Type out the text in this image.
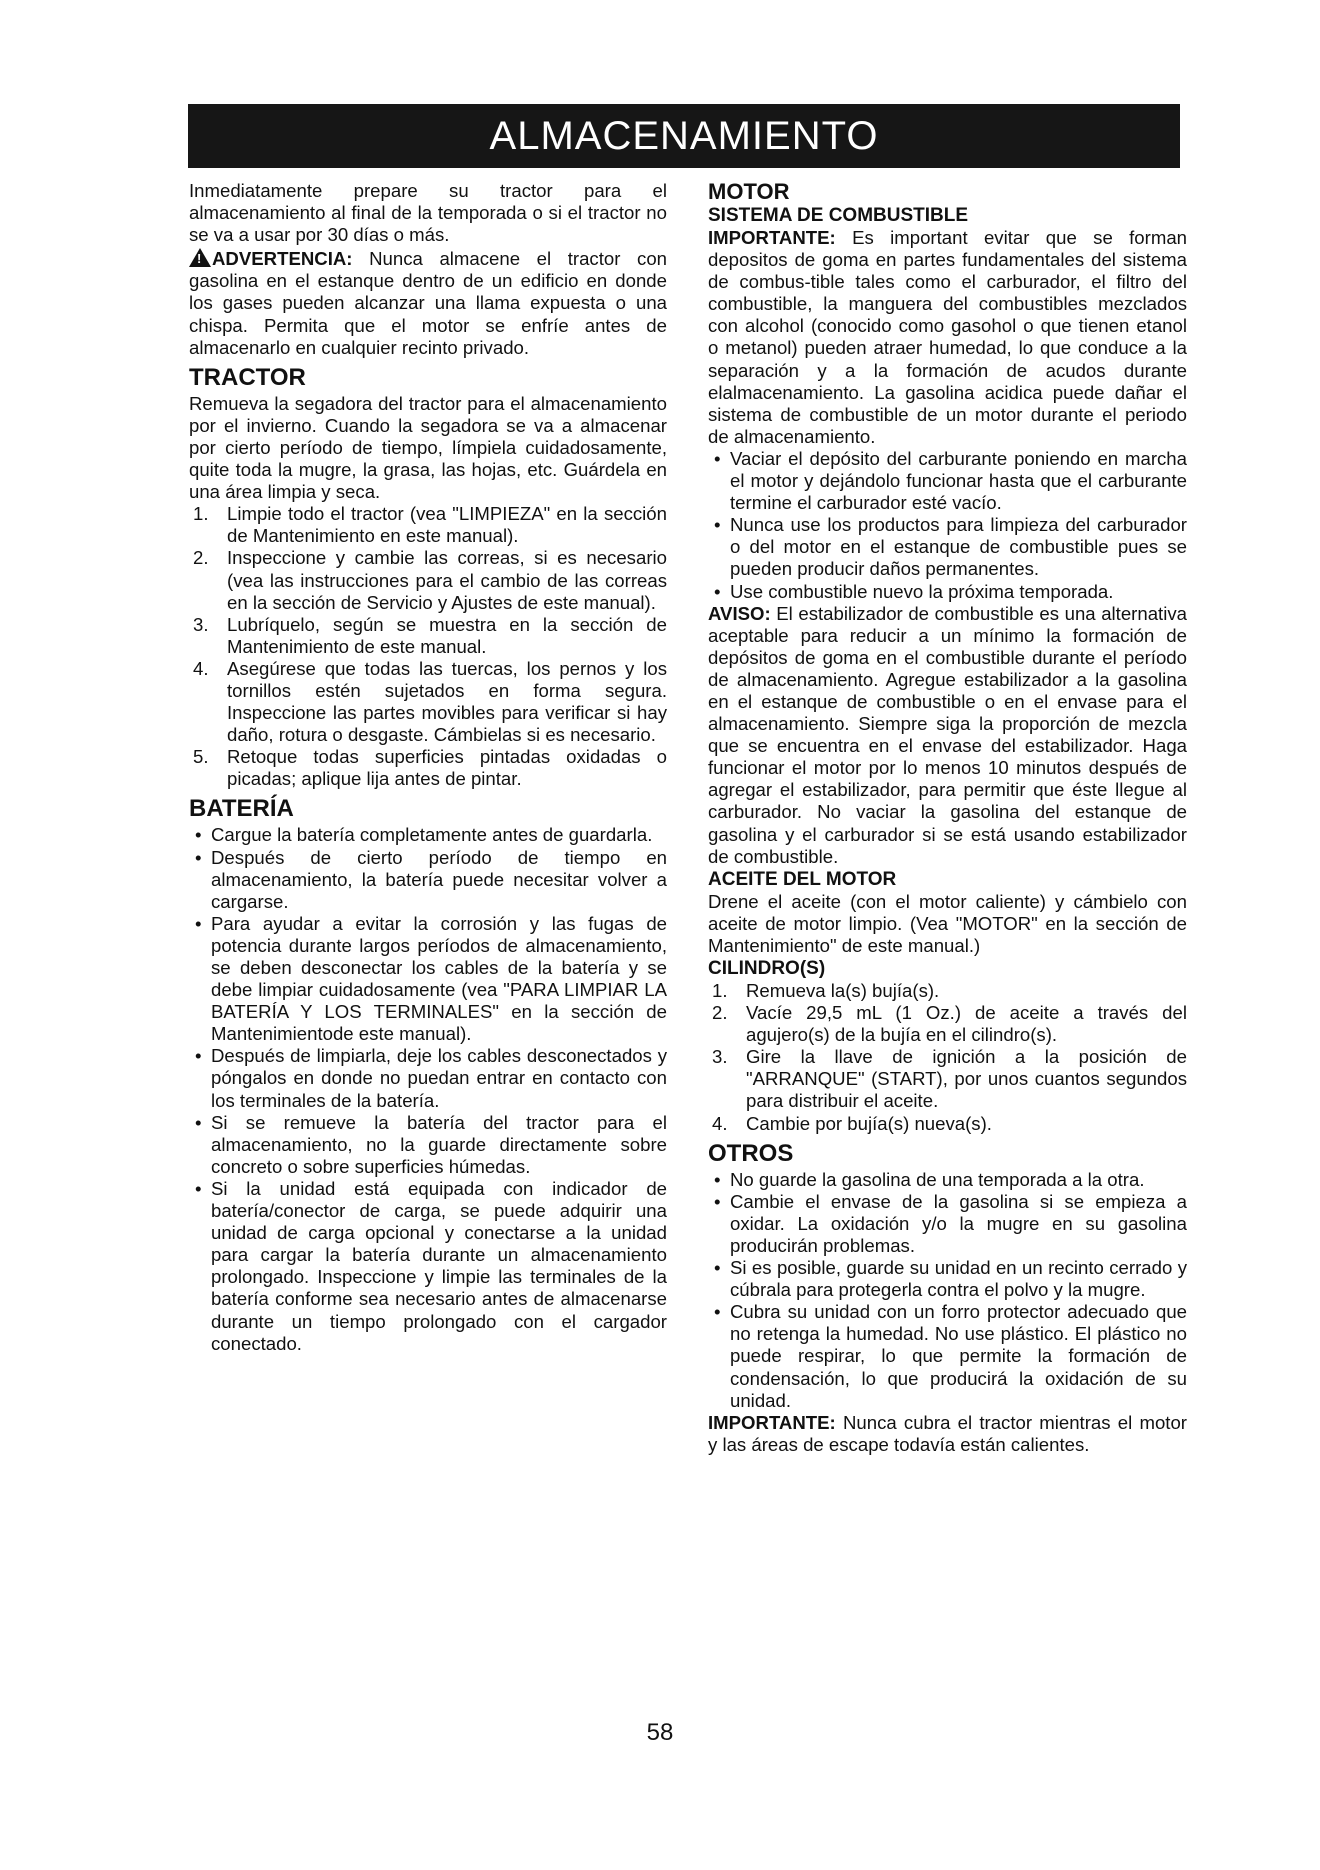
ALMACENAMIENTO

Inmediatamente prepare su tractor para el almacenamiento al final de la temporada o si el tractor no se va a usar por 30 días o más.

!ADVERTENCIA: Nunca almacene el tractor con gasolina en el estanque dentro de un edificio en donde los gases pueden alcanzar una llama expuesta o una chispa. Permita que el motor se enfríe antes de almacenarlo en cualquier recinto privado.

TRACTOR

Remueva la segadora del tractor para el almacenamiento por el invierno. Cuando la segadora se va a almacenar por cierto período de tiempo, límpiela cuidadosamente, quite toda la mugre, la grasa, las hojas, etc. Guárdela en una área limpia y seca.

1. Limpie todo el tractor (vea "LIMPIEZA" en la sección de Mantenimiento en este manual).
2. Inspeccione y cambie las correas, si es necesario (vea las instrucciones para el cambio de las correas en la sección de Servicio y Ajustes de este manual).
3. Lubríquelo, según se muestra en la sección de Mantenimiento de este manual.
4. Asegúrese que todas las tuercas, los pernos y los tornillos estén sujetados en forma segura. Inspeccione las partes movibles para verificar si hay daño, rotura o desgaste. Cámbielas si es necesario.
5. Retoque todas superficies pintadas oxidadas o picadas; aplique lija antes de pintar.
BATERÍA
• Cargue la batería completamente antes de guardarla.
• Después de cierto período de tiempo en almacenamiento, la batería puede necesitar volver a cargarse.
• Para ayudar a evitar la corrosión y las fugas de potencia durante largos períodos de almacenamiento, se deben desconectar los cables de la batería y se debe limpiar cuidadosamente (vea "PARA LIMPIAR LA BATERÍA Y LOS TERMINALES" en la sección de Mantenimientode este manual).
• Después de limpiarla, deje los cables desconectados y póngalos en donde no puedan entrar en contacto con los terminales de la batería.
• Si se remueve la batería del tractor para el almacenamiento, no la guarde directamente sobre concreto o sobre superficies húmedas.
• Si la unidad está equipada con indicador de batería/conector de carga, se puede adquirir una unidad de carga opcional y conectarse a la unidad para cargar la batería durante un almacenamiento prolongado. Inspeccione y limpie las terminales de la batería conforme sea necesario antes de almacenarse durante un tiempo prolongado con el cargador conectado.
MOTOR
SISTEMA DE COMBUSTIBLE

IMPORTANTE: Es important evitar que se forman depositos de goma en partes fundamentales del sistema de combus-tible tales como el carburador, el filtro del combustible, la manguera del combustibles mezclados con alcohol (conocido como gasohol o que tienen etanol o metanol) pueden atraer humedad, lo que conduce a la separación y a la formación de acudos durante elalmacenamiento. La gasolina acidica puede dañar el sistema de combustible de un motor durante el periodo de almacenamiento.

• Vaciar el depósito del carburante poniendo en marcha el motor y dejándolo funcionar hasta que el carburante termine el carburador esté vacío.
• Nunca use los productos para limpieza del carburador o del motor en el estanque de combustible pues se pueden producir daños permanentes.
• Use combustible nuevo la próxima temporada.

AVISO: El estabilizador de combustible es una alternativa aceptable para reducir a un mínimo la formación de depósitos de goma en el combustible durante el período de almacenamiento. Agregue estabilizador a la gasolina en el estanque de combustible o en el envase para el almacenamiento. Siempre siga la proporción de mezcla que se encuentra en el envase del estabilizador. Haga funcionar el motor por lo menos 10 minutos después de agregar el estabilizador, para permitir que éste llegue al carburador. No vaciar la gasolina del estanque de gasolina y el carburador si se está usando estabilizador de combustible.

ACEITE DEL MOTOR

Drene el aceite (con el motor caliente) y cámbielo con aceite de motor limpio. (Vea "MOTOR" en la sección de Mantenimiento" de este manual.)

CILINDRO(S)
1. Remueva la(s) bujía(s).
2. Vacíe 29,5 mL (1 Oz.) de aceite a través del agujero(s) de la bujía en el cilindro(s).
3. Gire la llave de ignición a la posición de "ARRANQUE" (START), por unos cuantos segundos para distribuir el aceite.
4. Cambie por bujía(s) nueva(s).
OTROS
• No guarde la gasolina de una temporada a la otra.
• Cambie el envase de la gasolina si se empieza a oxidar. La oxidación y/o la mugre en su gasolina producirán problemas.
• Si es posible, guarde su unidad en un recinto cerrado y cúbrala para protegerla contra el polvo y la mugre.
• Cubra su unidad con un forro protector adecuado que no retenga la humedad. No use plástico. El plástico no puede respirar, lo que permite la formación de condensación, lo que producirá la oxidación de su unidad.

IMPORTANTE: Nunca cubra el tractor mientras el motor y las áreas de escape todavía están calientes.

58
